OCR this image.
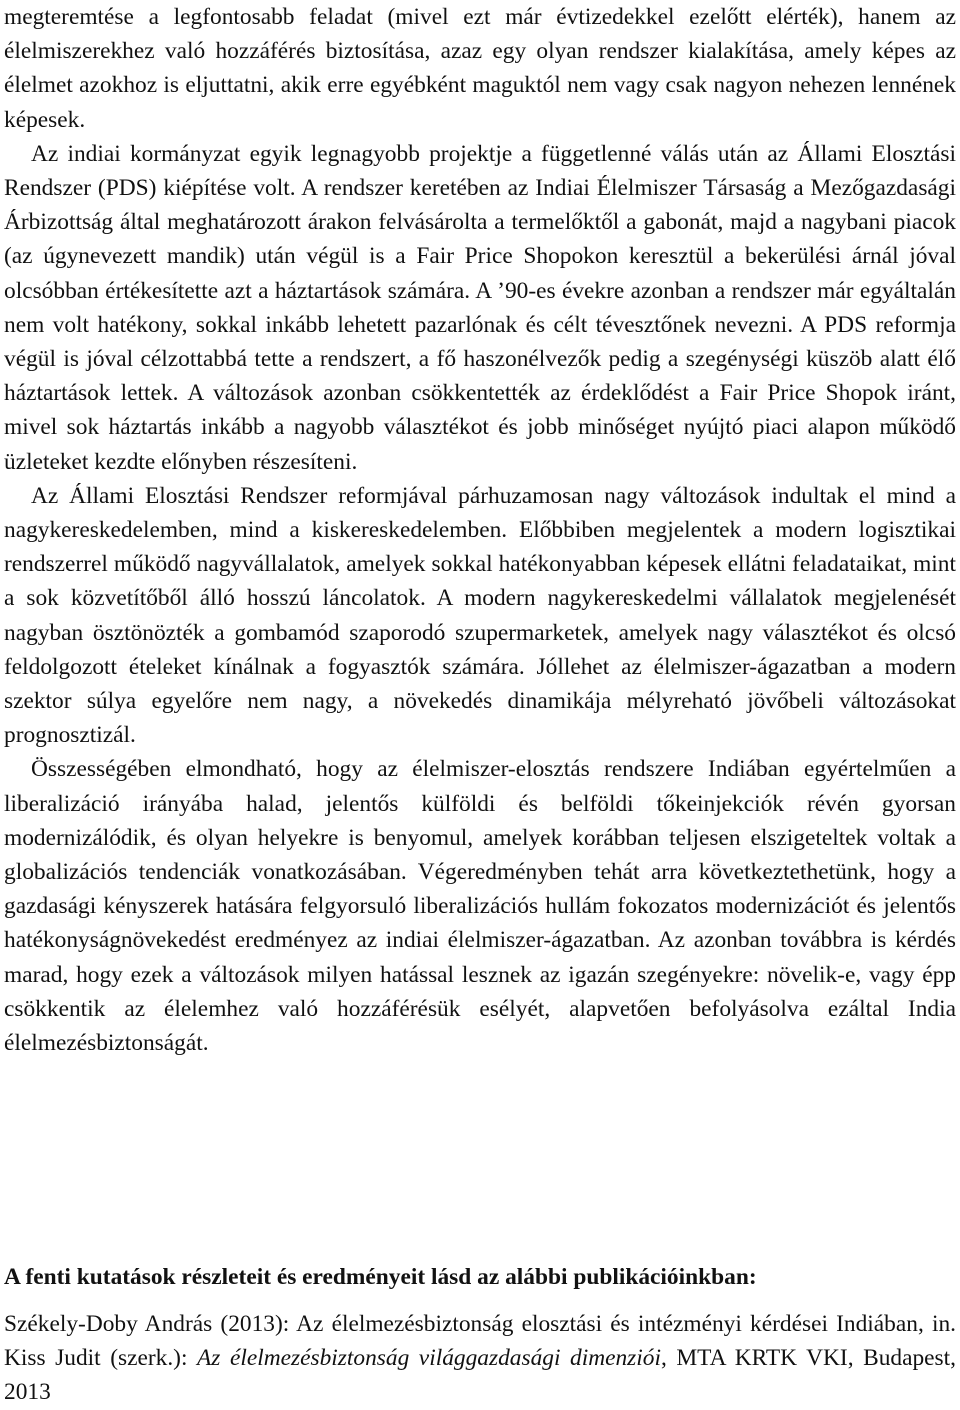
megteremtése a legfontosabb feladat (mivel ezt már évtizedekkel ezelőtt elérték), hanem az élelmiszerekhez való hozzáférés biztosítása, azaz egy olyan rendszer kialakítása, amely képes az élelmet azokhoz is eljuttatni, akik erre egyébként maguktól nem vagy csak nagyon nehezen lennének képesek.

Az indiai kormányzat egyik legnagyobb projektje a függetlenné válás után az Állami Elosztási Rendszer (PDS) kiépítése volt. A rendszer keretében az Indiai Élelmiszer Társaság a Mezőgazdasági Árbizottság által meghatározott árakon felvásárolta a termelőktől a gabonát, majd a nagybani piacok (az úgynevezett mandik) után végül is a Fair Price Shopokon keresztül a bekerülési árnál jóval olcsóbban értékesítette azt a háztartások számára. A ’90-es évekre azonban a rendszer már egyáltalán nem volt hatékony, sokkal inkább lehetett pazarlónak és célt tévesztőnek nevezni. A PDS reformja végül is jóval célzottabbá tette a rendszert, a fő haszonélvezők pedig a szegénységi küszöb alatt élő háztartások lettek. A változások azonban csökkentették az érdeklődést a Fair Price Shopok iránt, mivel sok háztartás inkább a nagyobb választékot és jobb minőséget nyújtó piaci alapon működő üzleteket kezdte előnyben részesíteni.

Az Állami Elosztási Rendszer reformjával párhuzamosan nagy változások indultak el mind a nagykereskedelemben, mind a kiskereskedelemben. Előbbiben megjelentek a modern logisztikai rendszerrel működő nagyvállalatok, amelyek sokkal hatékonyabban képesek ellátni feladataikat, mint a sok közvetítőből álló hosszú láncolatok. A modern nagykereskedelmi vállalatok megjelenését nagyban ösztönözték a gombamód szaporodó szupermarketek, amelyek nagy választékot és olcsó feldolgozott ételeket kínálnak a fogyasztók számára. Jóllehet az élelmiszer-ágazatban a modern szektor súlya egyelőre nem nagy, a növekedés dinamikája mélyreható jövőbeli változásokat prognosztizál.

Összességében elmondható, hogy az élelmiszer-elosztás rendszere Indiában egyértelműen a liberalizáció irányába halad, jelentős külföldi és belföldi tőkeinjekciók révén gyorsan modernizálódik, és olyan helyekre is benyomul, amelyek korábban teljesen elszigeteltek voltak a globalizációs tendenciák vonatkozásában. Végeredményben tehát arra következtethetünk, hogy a gazdasági kényszerek hatására felgyorsuló liberalizációs hullám fokozatos modernizációt és jelentős hatékonyságnövekedést eredményez az indiai élelmiszer-ágazatban. Az azonban továbbra is kérdés marad, hogy ezek a változások milyen hatással lesznek az igazán szegényekre: növelik-e, vagy épp csökkentik az élelemhez való hozzáférésük esélyét, alapvetően befolyásolva ezáltal India élelmezésbiztonságát.

A fenti kutatások részleteit és eredményeit lásd az alábbi publikációinkban:

Székely-Doby András (2013): Az élelmezésbiztonság elosztási és intézményi kérdései Indiában, in. Kiss Judit (szerk.): Az élelmezésbiztonság világgazdasági dimenziói, MTA KRTK VKI, Budapest, 2013
